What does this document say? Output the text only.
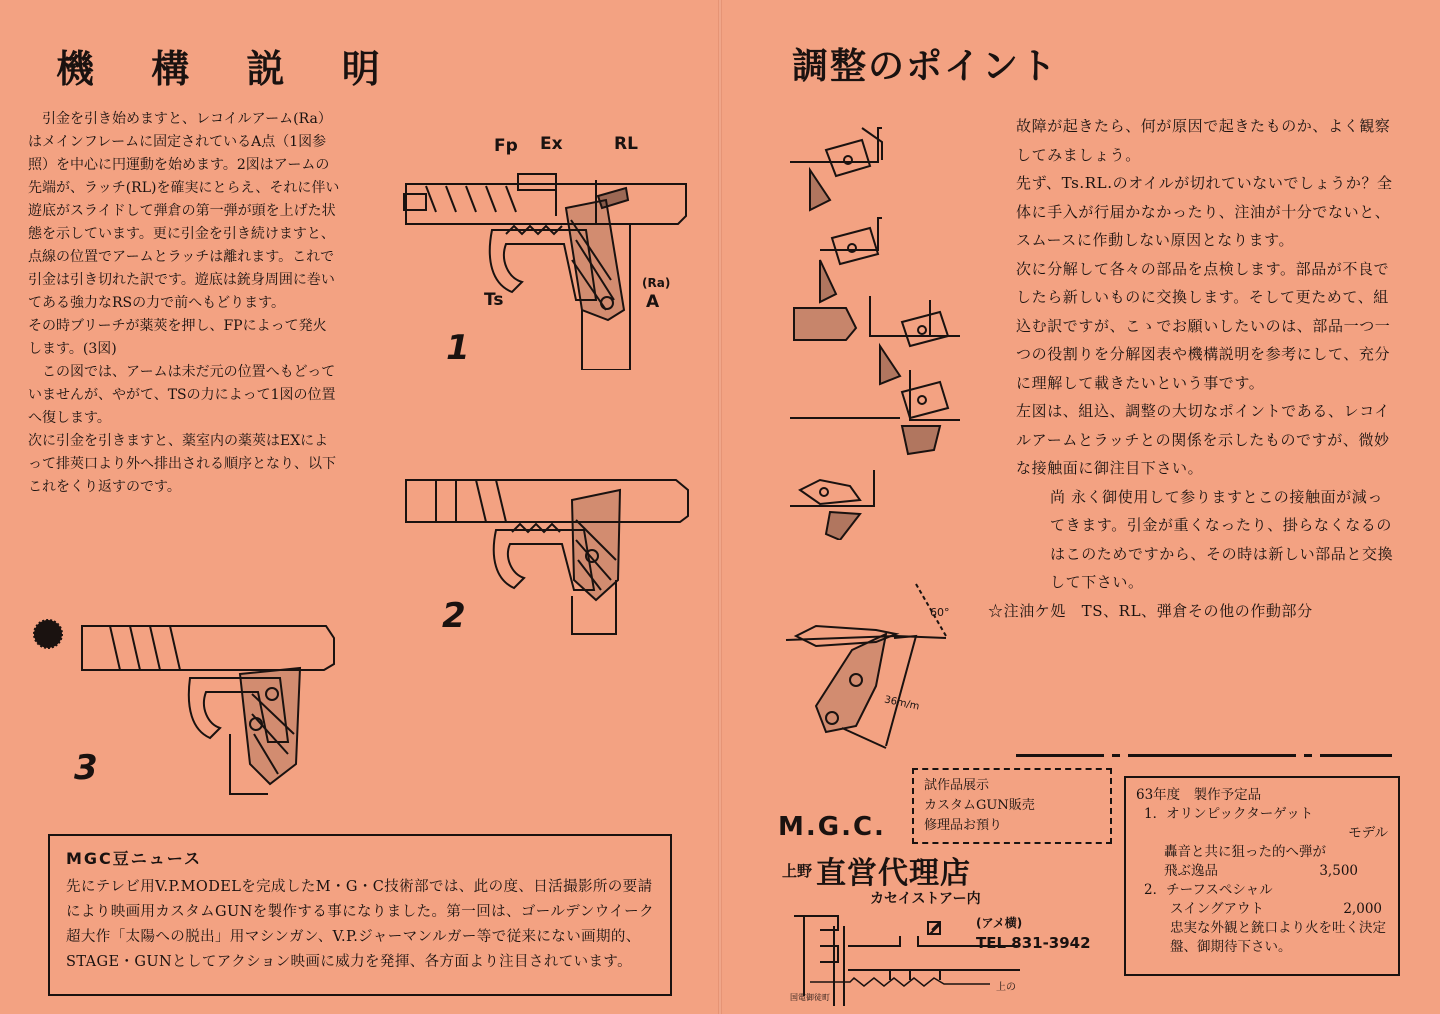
機 構 説 明

引金を引き始めますと、レコイルアーム(Ra）はメインフレームに固定されているA点（1図参照）を中心に円運動を始めます。2図はアームの先端が、ラッチ(RL)を確実にとらえ、それに伴い遊底がスライドして弾倉の第一弾が頭を上げた状態を示しています。更に引金を引き続けますと、点線の位置でアームとラッチは離れます。これで引金は引き切れた訳です。遊底は銃身周囲に巻いてある強力なRSの力で前へもどります。

その時ブリーチが薬莢を押し、FPによって発火します。(3図)

この図では、アームは未だ元の位置へもどっていませんが、やがて、TSの力によって1図の位置へ復します。

次に引金を引きますと、薬室内の薬莢はEXによって排莢口より外へ排出される順序となり、以下これをくり返すのです。

Fp Ex	RL
Ts
(Ra)
A
1
2
3
MGC豆ニュース
先にテレビ用V.P.MODELを完成したM・G・C技術部では、此の度、日活撮影所の要請により映画用カスタムGUNを製作する事になりました。第一回は、ゴールデンウイーク超大作「太陽への脱出」用マシンガン、V.P.ジャーマンルガー等で従来にない画期的、STAGE・GUNとしてアクション映画に威力を発揮、各方面より注目されています。
調整のポイント
60°
36m/m

故障が起きたら、何が原因で起きたものか、よく観察してみましょう。

先ず、Ts.RL.のオイルが切れていないでしょうか？全体に手入が行届かなかったり、注油が十分でないと、スムースに作動しない原因となります。

次に分解して各々の部品を点検します。部品が不良でしたら新しいものに交換します。そして更ためて、組込む訳ですが、こゝでお願いしたいのは、部品一つ一つの役割りを分解図表や機構説明を参考にして、充分に理解して載きたいという事です。

左図は、組込、調整の大切なポイントである、レコイルアームとラッチとの関係を示したものですが、微妙な接触面に御注目下さい。

尚 永く御使用して参りますとこの接触面が減ってきます。引金が重くなったり、掛らなくなるのはこのためですから、その時は新しい部品と交換して下さい。

☆注油ケ処　TS、RL、弾倉その他の作動部分

試作品展示
カスタムGUN販売
修理品お預り
M.G.C.
上野 直営代理店
カセイストアー内
(アメ横)
TEL 831-3942
国電御徒町
上の
63年度　製作予定品
1．オリンピックターゲット
モデル
轟音と共に狙った的へ弾が飛ぶ逸品	3,500
2．チーフスペシャル
スイングアウト	2,000
忠実な外観と銃口より火を吐く決定盤、御期待下さい。
